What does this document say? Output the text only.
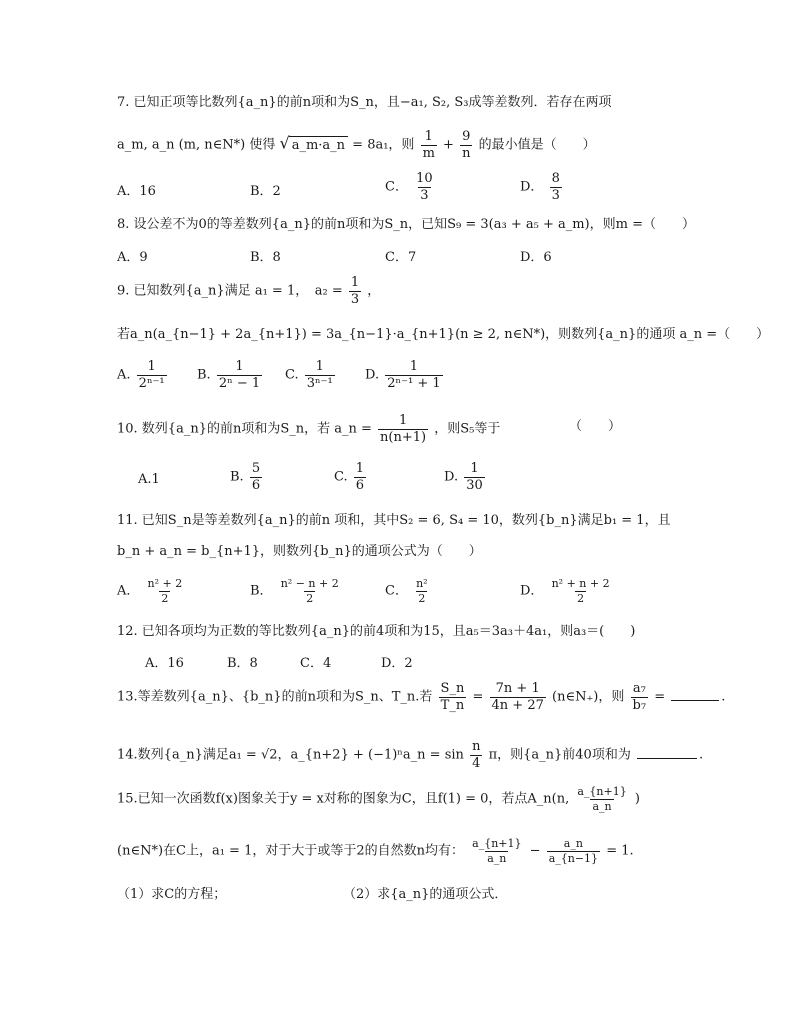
7. 已知正项等比数列{a_n}的前n项和为S_n，且−a₁, S₂, S₃成等差数列．若存在两项
a_m, a_n (m, n∈N*) 使得 √ a_m·a_n = 8a₁，则 $\frac{1}{m} + \frac{9}{n}$ 的最小值是（　　）
A．16	B．2	C． $\frac{10}{3}$	D． $\frac{8}{3}$
8. 设公差不为0的等差数列{a_n}的前n项和为S_n，已知S₉ = 3(a₃ + a₅ + a_m)，则m =（　　）
A．9	B．8	C．7	D．6
9. 已知数列{a_n}满足 a₁ = 1，　$a_2 = \frac{1}{3}$ ，
若a_n(a_{n−1} + 2a_{n+1}) = 3a_{n−1}·a_{n+1}(n ≥ 2, n∈N*)，则数列{a_n}的通项 a_n =（　　）
A. $\frac{1}{\text{2ⁿ⁻¹}} B$. $\frac{1}{\text{2ⁿ − 1}} C$. $\frac{1}{\text{3ⁿ⁻¹}} D$. $\frac{1}{\text{2ⁿ⁻¹ + 1}}$
10. 数列{a_n}的前n项和为S_n，若 a_n = $\frac{1}{n(n+1)}$ ，则S₅等于	（　　）
A.1	B. $\frac{5}{6}$	C. $\frac{1}{6}$	D. $\frac{1}{30}$
11. 已知S_n是等差数列{a_n}的前n 项和，其中S₂ = 6, S₄ = 10，数列{b_n}满足b₁ = 1，且
b_n + a_n = b_{n+1}，则数列{b_n}的通项公式为（　　）
A． $\frac{\text{n² + 2}}{2}$	B． $\frac{\text{n² − n + 2}}{2}$	C． $\frac{\text{n²}}{2}$	D． $\frac{\text{n² + n + 2}}{2}$
12. 已知各项均为正数的等比数列{a_n}的前4项和为15，且a₅＝3a₃＋4a₁，则a₃＝(　　)
A．16	B．8	C．4	D．2
13.等差数列{a_n}、{b_n}的前n项和为S_n、T_n.若 $\frac{S\_n}{T\_n} = \frac{7n + 1}{4n + 27}$ (n∈N₊)，则 $\frac{\text{a₇}}{\text{b₇}}$ =	.
14.数列{a_n}满足a₁ = √2，a_{n+2} + (−1)ⁿa_n = $\sin \frac{n}{4}$ π，则{a_n}前40项和为	.
15.已知一次函数f(x)图象关于y = x对称的图象为C，且f(1) = 0，若点A_n(n, $\frac{a\_\{n+1\}}{a\_n}$ )
(n∈N*)在C上，a₁ = 1，对于大于或等于2的自然数n均有： $\frac{a\_\{n+1\}}{a\_n} - \frac{a\_n}{a\_\{n-1\}} = 1$.
（1）求C的方程；	（2）求{a_n}的通项公式．
